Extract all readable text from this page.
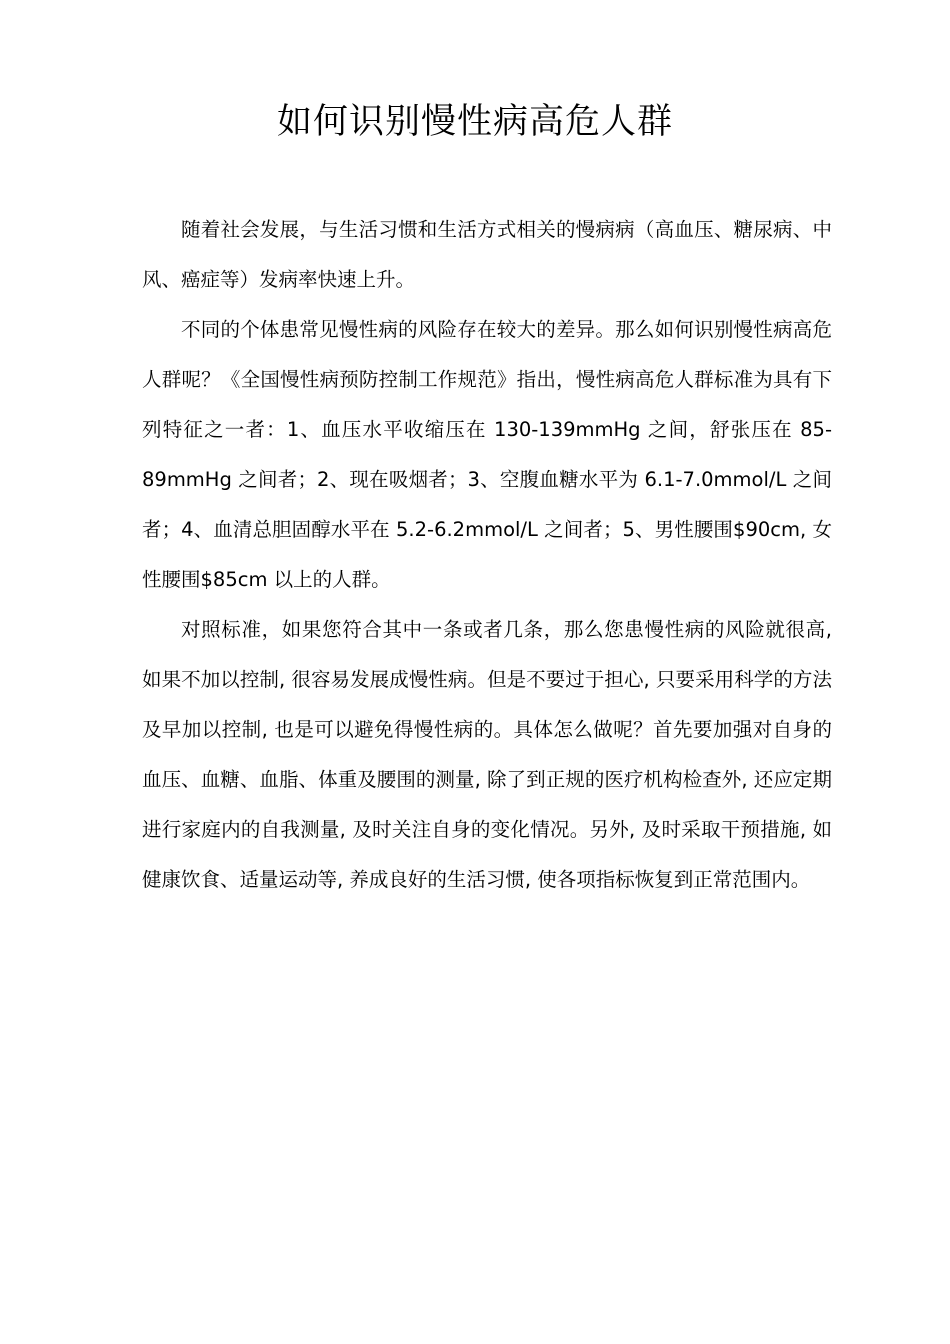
如何识别慢性病高危人群

随着社会发展，与生活习惯和生活方式相关的慢病病（高血压、糖尿病、中风、癌症等）发病率快速上升。

不同的个体患常见慢性病的风险存在较大的差异。那么如何识别慢性病高危人群呢？《全国慢性病预防控制工作规范》指出，慢性病高危人群标准为具有下列特征之一者：1、血压水平收缩压在 130-139mmHg 之间，舒张压在 85-89mmHg 之间者；2、现在吸烟者；3、空腹血糖水平为 6.1-7.0mmol/L 之间者；4、血清总胆固醇水平在 5.2-6.2mmol/L 之间者；5、男性腰围$90cm, 女性腰围$85cm 以上的人群。

对照标准，如果您符合其中一条或者几条，那么您患慢性病的风险就很高, 如果不加以控制, 很容易发展成慢性病。但是不要过于担心, 只要采用科学的方法及早加以控制, 也是可以避免得慢性病的。具体怎么做呢？首先要加强对自身的血压、血糖、血脂、体重及腰围的测量, 除了到正规的医疗机构检查外, 还应定期进行家庭内的自我测量, 及时关注自身的变化情况。另外, 及时采取干预措施, 如健康饮食、适量运动等, 养成良好的生活习惯, 使各项指标恢复到正常范围内。
